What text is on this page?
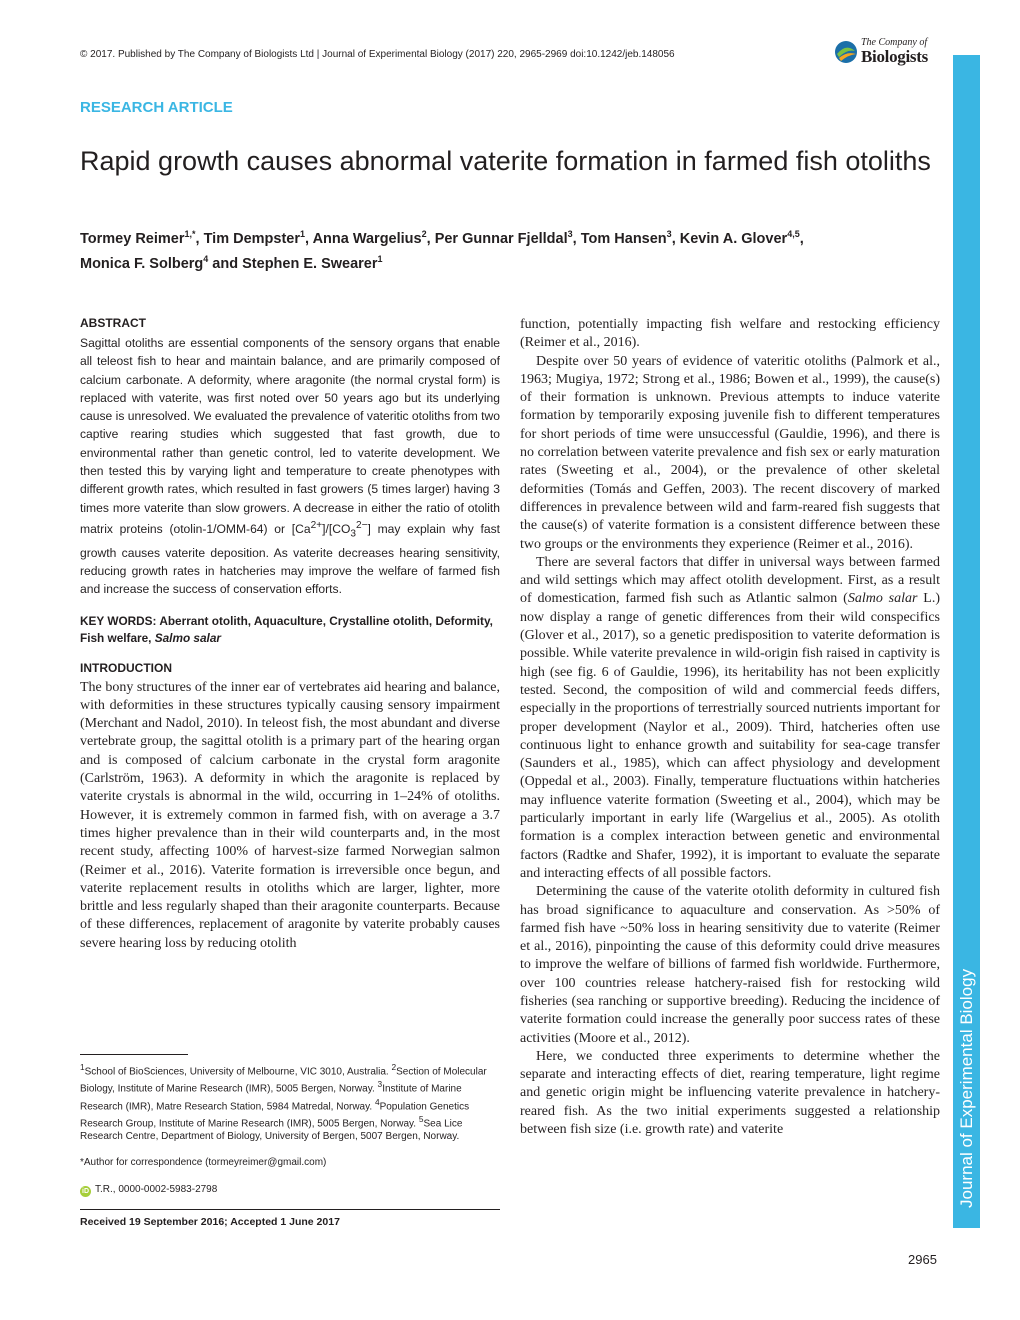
© 2017. Published by The Company of Biologists Ltd | Journal of Experimental Biology (2017) 220, 2965-2969 doi:10.1242/jeb.148056
The Company of
Biologists
Journal of Experimental Biology
RESEARCH ARTICLE
Rapid growth causes abnormal vaterite formation in farmed fish otoliths
Tormey Reimer$^{1,*}$, Tim Dempster$^1$, Anna Wargelius$^2$, Per Gunnar Fjelldal$^3$, Tom Hansen$^3$, Kevin A. Glover$^{4,5}$,
Monica F. Solberg$^4$ and Stephen E. Swearer$^1$
ABSTRACT

Sagittal otoliths are essential components of the sensory organs that enable all teleost fish to hear and maintain balance, and are primarily composed of calcium carbonate. A deformity, where aragonite (the normal crystal form) is replaced with vaterite, was first noted over 50 years ago but its underlying cause is unresolved. We evaluated the prevalence of vateritic otoliths from two captive rearing studies which suggested that fast growth, due to environmental rather than genetic control, led to vaterite development. We then tested this by varying light and temperature to create phenotypes with different growth rates, which resulted in fast growers (5 times larger) having 3 times more vaterite than slow growers. A decrease in either the ratio of otolith matrix proteins (otolin-1/OMM-64) or $[Ca^{2+}]/[CO_3^{2-}]$ may explain why fast growth causes vaterite deposition. As vaterite decreases hearing sensitivity, reducing growth rates in hatcheries may improve the welfare of farmed fish and increase the success of conservation efforts.

KEY WORDS: Aberrant otolith, Aquaculture, Crystalline otolith, Deformity, Fish welfare, Salmo salar

INTRODUCTION

The bony structures of the inner ear of vertebrates aid hearing and balance, with deformities in these structures typically causing sensory impairment (Merchant and Nadol, 2010). In teleost fish, the most abundant and diverse vertebrate group, the sagittal otolith is a primary part of the hearing organ and is composed of calcium carbonate in the crystal form aragonite (Carlström, 1963). A deformity in which the aragonite is replaced by vaterite crystals is abnormal in the wild, occurring in 1–24% of otoliths. However, it is extremely common in farmed fish, with on average a 3.7 times higher prevalence than in their wild counterparts and, in the most recent study, affecting 100% of harvest-size farmed Norwegian salmon (Reimer et al., 2016). Vaterite formation is irreversible once begun, and vaterite replacement results in otoliths which are larger, lighter, more brittle and less regularly shaped than their aragonite counterparts. Because of these differences, replacement of aragonite by vaterite probably causes severe hearing loss by reducing otolith

$^1$School of BioSciences, University of Melbourne, VIC 3010, Australia. $^2$Section of Molecular Biology, Institute of Marine Research (IMR), 5005 Bergen, Norway. $^3$Institute of Marine Research (IMR), Matre Research Station, 5984 Matredal, Norway. $^4$Population Genetics Research Group, Institute of Marine Research (IMR), 5005 Bergen, Norway. $^5$Sea Lice Research Centre, Department of Biology, University of Bergen, 5007 Bergen, Norway.
*Author for correspondence (tormeyreimer@gmail.com)
iD T.R., 0000-0002-5983-2798
Received 19 September 2016; Accepted 1 June 2017

function, potentially impacting fish welfare and restocking efficiency (Reimer et al., 2016).

Despite over 50 years of evidence of vateritic otoliths (Palmork et al., 1963; Mugiya, 1972; Strong et al., 1986; Bowen et al., 1999), the cause(s) of their formation is unknown. Previous attempts to induce vaterite formation by temporarily exposing juvenile fish to different temperatures for short periods of time were unsuccessful (Gauldie, 1996), and there is no correlation between vaterite prevalence and fish sex or early maturation rates (Sweeting et al., 2004), or the prevalence of other skeletal deformities (Tomás and Geffen, 2003). The recent discovery of marked differences in prevalence between wild and farm-reared fish suggests that the cause(s) of vaterite formation is a consistent difference between these two groups or the environments they experience (Reimer et al., 2016).

There are several factors that differ in universal ways between farmed and wild settings which may affect otolith development. First, as a result of domestication, farmed fish such as Atlantic salmon (Salmo salar L.) now display a range of genetic differences from their wild conspecifics (Glover et al., 2017), so a genetic predisposition to vaterite deformation is possible. While vaterite prevalence in wild-origin fish raised in captivity is high (see fig. 6 of Gauldie, 1996), its heritability has not been explicitly tested. Second, the composition of wild and commercial feeds differs, especially in the proportions of terrestrially sourced nutrients important for proper development (Naylor et al., 2009). Third, hatcheries often use continuous light to enhance growth and suitability for sea-cage transfer (Saunders et al., 1985), which can affect physiology and development (Oppedal et al., 2003). Finally, temperature fluctuations within hatcheries may influence vaterite formation (Sweeting et al., 2004), which may be particularly important in early life (Wargelius et al., 2005). As otolith formation is a complex interaction between genetic and environmental factors (Radtke and Shafer, 1992), it is important to evaluate the separate and interacting effects of all possible factors.

Determining the cause of the vaterite otolith deformity in cultured fish has broad significance to aquaculture and conservation. As >50% of farmed fish have ~50% loss in hearing sensitivity due to vaterite (Reimer et al., 2016), pinpointing the cause of this deformity could drive measures to improve the welfare of billions of farmed fish worldwide. Furthermore, over 100 countries release hatchery-raised fish for restocking wild fisheries (sea ranching or supportive breeding). Reducing the incidence of vaterite formation could increase the generally poor success rates of these activities (Moore et al., 2012).

Here, we conducted three experiments to determine whether the separate and interacting effects of diet, rearing temperature, light regime and genetic origin might be influencing vaterite prevalence in hatchery-reared fish. As the two initial experiments suggested a relationship between fish size (i.e. growth rate) and vaterite

2965
